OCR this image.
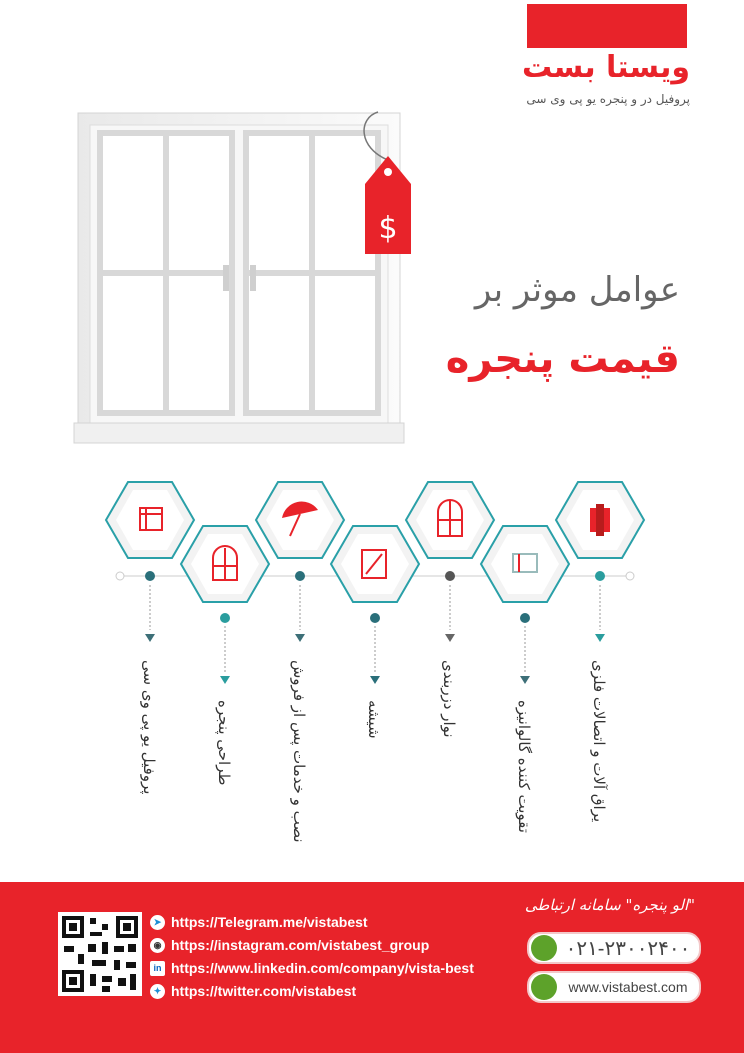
ویستا بست
پروفیل در و پنجره یو پی وی سی
$
عوامل موثر بر
قیمت پنجره
پروفیل یو پی وی سی	طراحی پنجره	نصب و خدمات پس از فروش	شیشه	نوار دزربندی
تقویت کننده گالوانیزه	یراق آلات و اتصالات فلزی
➤ https://Telegram.me/vistabest
◉ https://instagram.com/vistabest_group
in https://www.linkedin.com/company/vista-best
✦ https://twitter.com/vistabest
"الو پنجره" سامانه ارتباطی
۰۲۱-۲۳۰۰۲۴۰۰
www.vistabest.com
